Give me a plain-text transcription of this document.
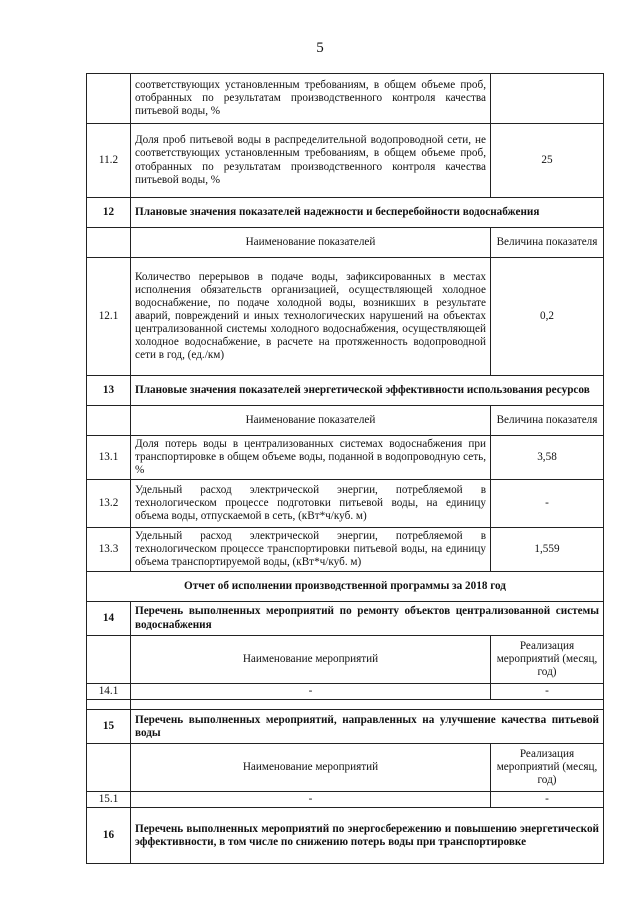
5
	соответствующих установленным требованиям, в общем объеме проб, отобранных по результатам производственного контроля качества питьевой воды, %	
11.2	Доля проб питьевой воды в распределительной водопроводной сети, не соответствующих установленным требованиям, в общем объеме проб, отобранных по результатам производственного контроля качества питьевой воды, %	25
12	Плановые значения показателей надежности и бесперебойности водоснабжения	
	Наименование показателей	Величина показателя
12.1	Количество перерывов в подаче воды, зафиксированных в местах исполнения обязательств организацией, осуществляющей холодное водоснабжение, по подаче холодной воды, возникших в результате аварий, повреждений и иных технологических нарушений на объектах централизованной системы холодного водоснабжения, осуществляющей холодное водоснабжение, в расчете на протяженность водопроводной сети в год, (ед./км)	0,2
13	Плановые значения показателей энергетической эффективности использования ресурсов	
	Наименование показателей	Величина показателя
13.1	Доля потерь воды в централизованных системах водоснабжения при транспортировке в общем объеме воды, поданной в водопроводную сеть, %	3,58
13.2	Удельный расход электрической энергии, потребляемой в технологическом процессе подготовки питьевой воды, на единицу объема воды, отпускаемой в сеть, (кВт*ч/куб. м)	-
13.3	Удельный расход электрической энергии, потребляемой в технологическом процессе транспортировки питьевой воды, на единицу объема транспортируемой воды, (кВт*ч/куб. м)	1,559
Отчет об исполнении производственной программы за 2018 год		
14	Перечень выполненных мероприятий по ремонту объектов централизованной системы водоснабжения	
	Наименование мероприятий	Реализация мероприятий (месяц, год)
14.1	-	-

15	Перечень выполненных мероприятий, направленных на улучшение качества питьевой воды	
	Наименование мероприятий	Реализация мероприятий (месяц, год)
15.1	-	-
16	Перечень выполненных мероприятий по энергосбережению и повышению энергетической эффективности, в том числе по снижению потерь воды при транспортировке	
